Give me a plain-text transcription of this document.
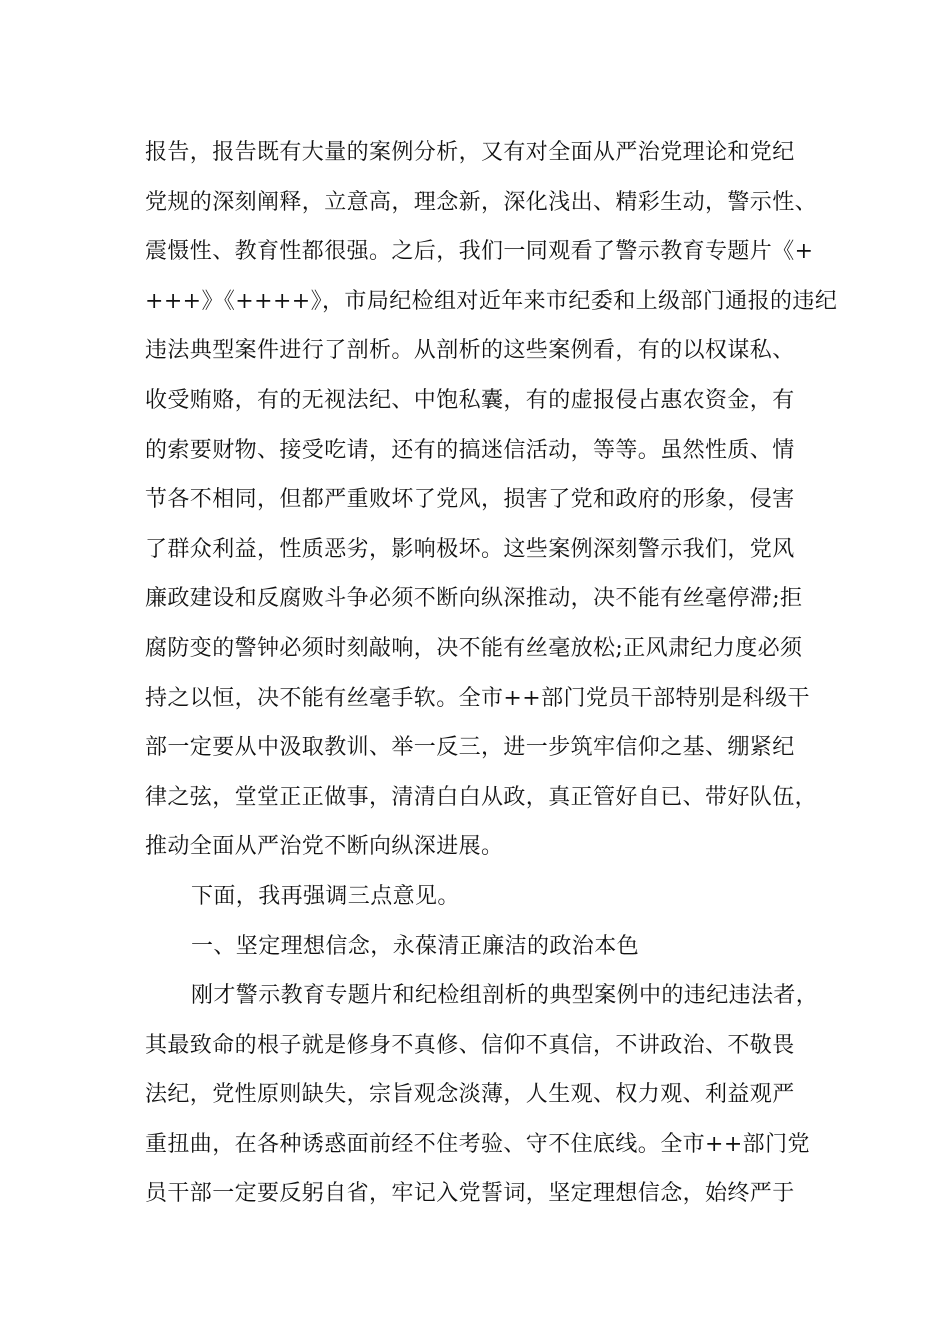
报告，报告既有大量的案例分析，又有对全面从严治党理论和党纪
党规的深刻阐释，立意高，理念新，深化浅出、精彩生动，警示性、
震慑性、教育性都很强。之后，我们一同观看了警示教育专题片《+
+++》《++++》，市局纪检组对近年来市纪委和上级部门通报的违纪
违法典型案件进行了剖析。从剖析的这些案例看，有的以权谋私、
收受贿赂，有的无视法纪、中饱私囊，有的虚报侵占惠农资金，有
的索要财物、接受吃请，还有的搞迷信活动，等等。虽然性质、情
节各不相同，但都严重败坏了党风，损害了党和政府的形象，侵害
了群众利益，性质恶劣，影响极坏。这些案例深刻警示我们，党风
廉政建设和反腐败斗争必须不断向纵深推动，决不能有丝毫停滞;拒
腐防变的警钟必须时刻敲响，决不能有丝毫放松;正风肃纪力度必须
持之以恒，决不能有丝毫手软。全市++部门党员干部特别是科级干
部一定要从中汲取教训、举一反三，进一步筑牢信仰之基、绷紧纪
律之弦，堂堂正正做事，清清白白从政，真正管好自已、带好队伍，
推动全面从严治党不断向纵深进展。
下面，我再强调三点意见。
一、坚定理想信念，永葆清正廉洁的政治本色
刚才警示教育专题片和纪检组剖析的典型案例中的违纪违法者，
其最致命的根子就是修身不真修、信仰不真信，不讲政治、不敬畏
法纪，党性原则缺失，宗旨观念淡薄，人生观、权力观、利益观严
重扭曲，在各种诱惑面前经不住考验、守不住底线。全市++部门党
员干部一定要反躬自省，牢记入党誓词，坚定理想信念，始终严于
